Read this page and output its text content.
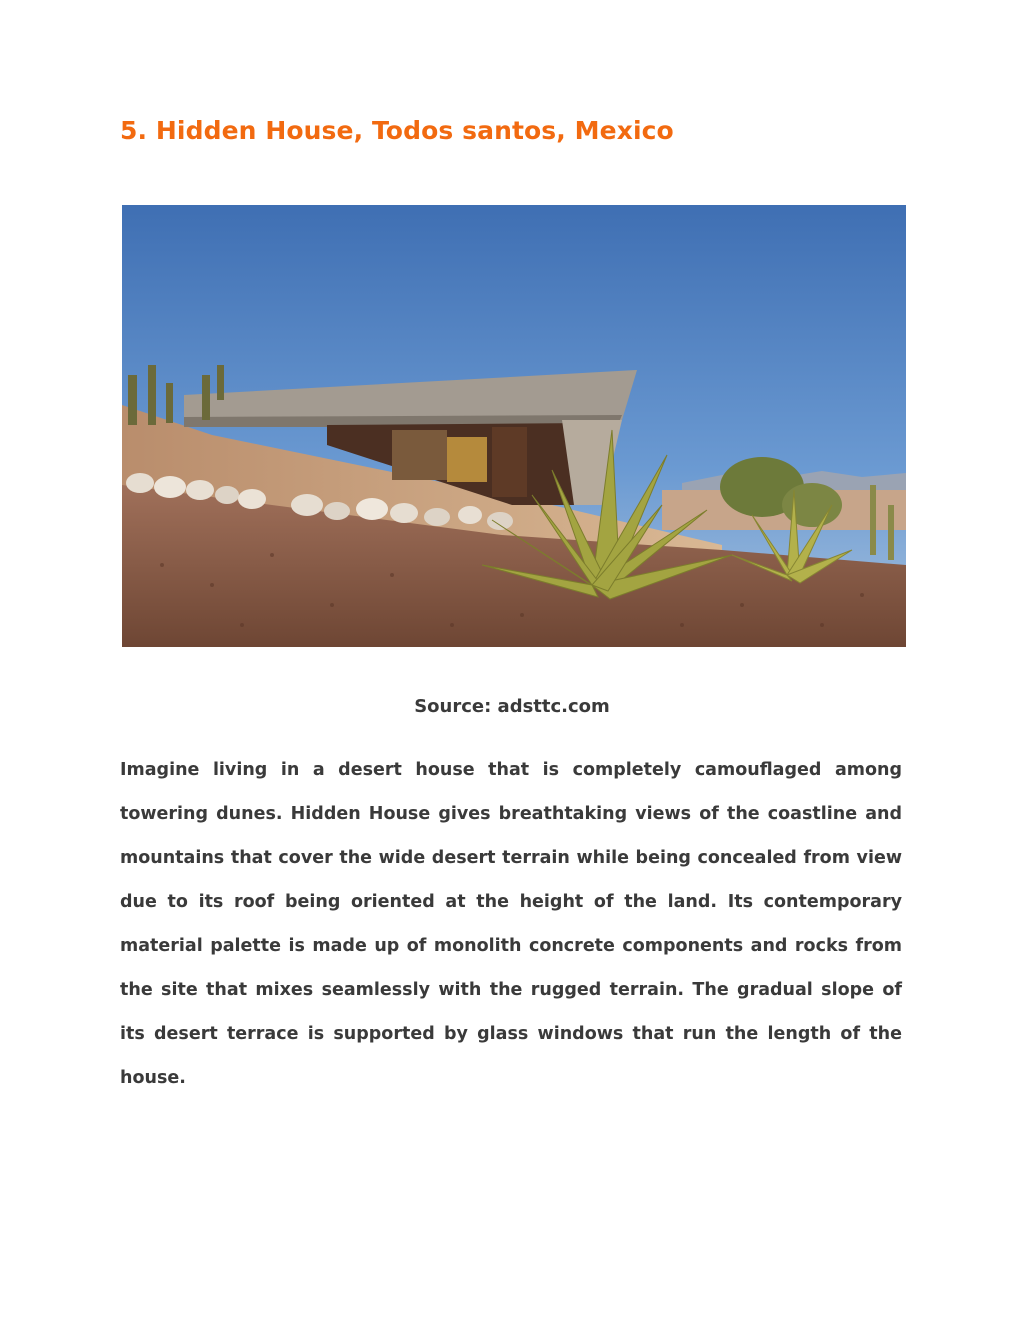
5. Hidden House, Todos santos, Mexico
Source: adsttc.com

Imagine living in a desert house that is completely camouflaged among towering dunes. Hidden House gives breathtaking views of the coastline and mountains that cover the wide desert terrain while being concealed from view due to its roof being oriented at the height of the land. Its contemporary material palette is made up of monolith concrete components and rocks from the site that mixes seamlessly with the rugged terrain. The gradual slope of its desert terrace is supported by glass windows that run the length of the house.
